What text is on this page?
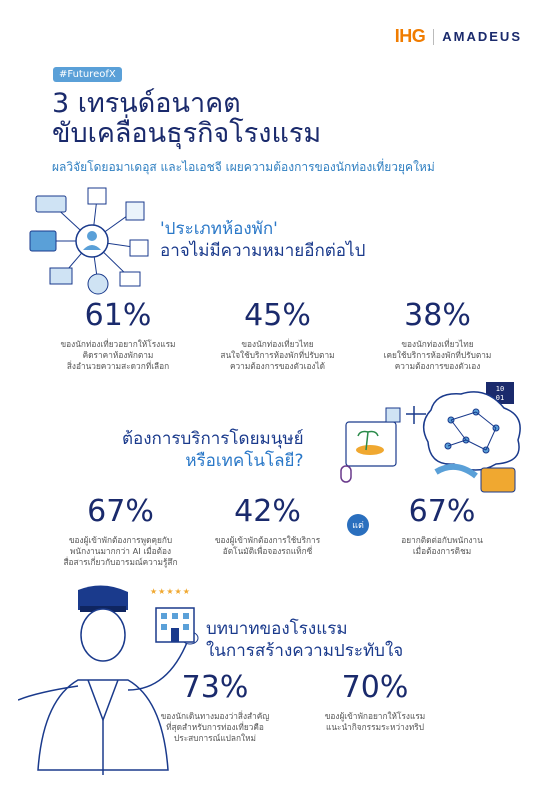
IHG AMADEUS
#FutureofX
3 เทรนด์อนาคต
ขับเคลื่อนธุรกิจโรงแรม
ผลวิจัยโดยอมาเดอุส และไอเอชจี เผยความต้องการของนักท่องเที่ยวยุคใหม่
'ประเภทห้องพัก'
อาจไม่มีความหมายอีกต่อไป
61%
ของนักท่องเที่ยวอยากให้โรงแรม
คิดราคาห้องพักตาม
สิ่งอำนวยความสะดวกที่เลือก
45%
ของนักท่องเที่ยวไทย
สนใจใช้บริการห้องพักที่ปรับตาม
ความต้องการของตัวเองได้
38%
ของนักท่องเที่ยวไทย
เคยใช้บริการห้องพักที่ปรับตาม
ความต้องการของตัวเอง
10
01
ต้องการบริการโดยมนุษย์
หรือเทคโนโลยี?
67%
ของผู้เข้าพักต้องการพูดคุยกับ
พนักงานมากกว่า AI เมื่อต้อง
สื่อสารเกี่ยวกับอารมณ์ความรู้สึก
42%
ของผู้เข้าพักต้องการใช้บริการ
อัตโนมัติเพื่อจองรถแท็กซี่
แต่	67%
อยากติดต่อกับพนักงาน
เมื่อต้องการติชม
★★★★★
บทบาทของโรงแรม
ในการสร้างความประทับใจ
73%
ของนักเดินทางมองว่าสิ่งสำคัญ
ที่สุดสำหรับการท่องเที่ยวคือ
ประสบการณ์แปลกใหม่
70%
ของผู้เข้าพักอยากให้โรงแรม
แนะนำกิจกรรมระหว่างทริป
